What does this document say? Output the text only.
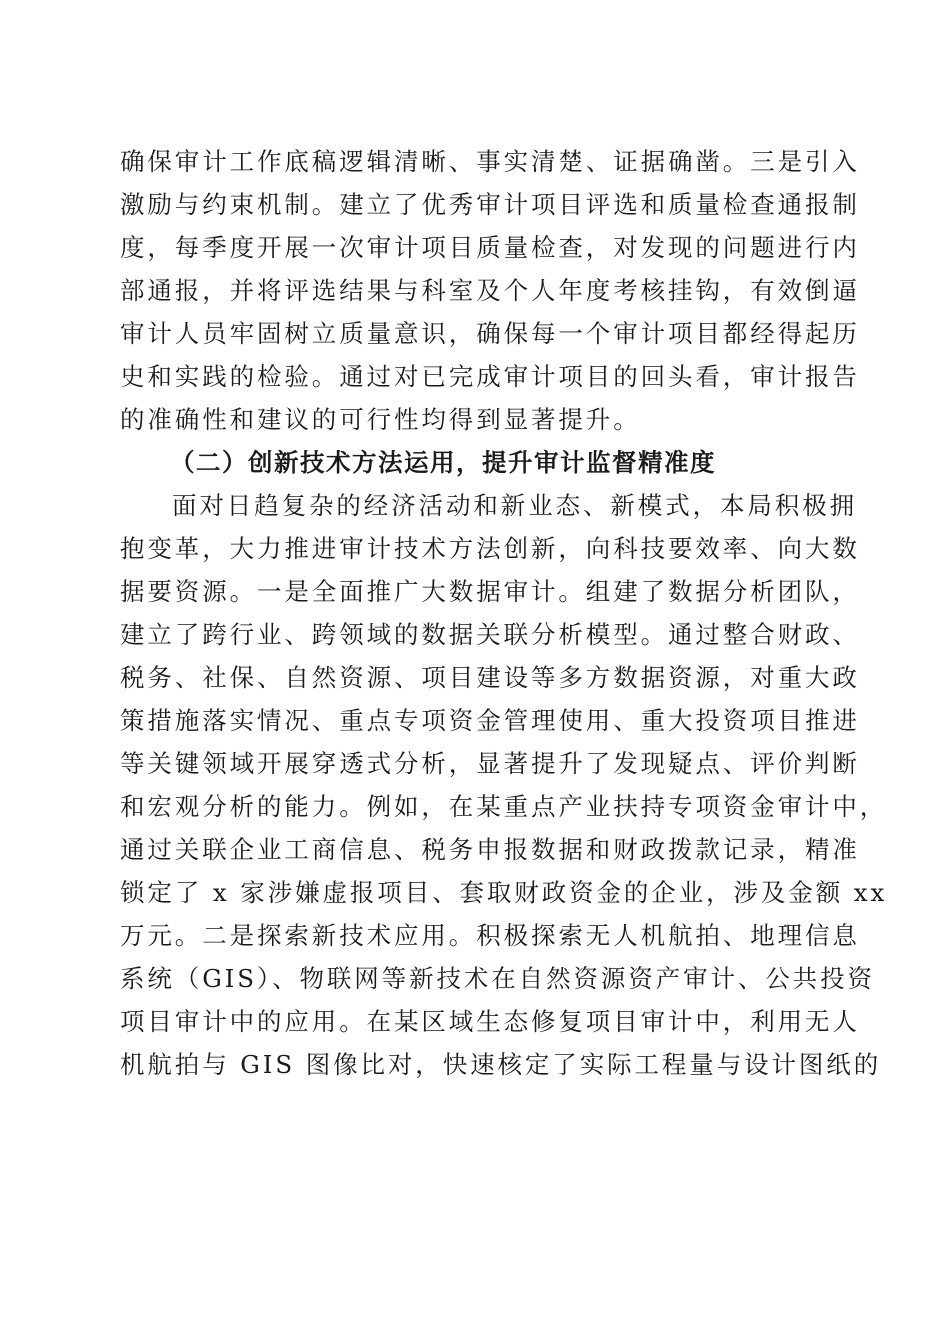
确保审计工作底稿逻辑清晰、事实清楚、证据确凿。三是引入
激励与约束机制。建立了优秀审计项目评选和质量检查通报制
度，每季度开展一次审计项目质量检查，对发现的问题进行内
部通报，并将评选结果与科室及个人年度考核挂钩，有效倒逼
审计人员牢固树立质量意识，确保每一个审计项目都经得起历
史和实践的检验。通过对已完成审计项目的回头看，审计报告
的准确性和建议的可行性均得到显著提升。
（二）创新技术方法运用，提升审计监督精准度
面对日趋复杂的经济活动和新业态、新模式，本局积极拥
抱变革，大力推进审计技术方法创新，向科技要效率、向大数
据要资源。一是全面推广大数据审计。组建了数据分析团队，
建立了跨行业、跨领域的数据关联分析模型。通过整合财政、
税务、社保、自然资源、项目建设等多方数据资源，对重大政
策措施落实情况、重点专项资金管理使用、重大投资项目推进
等关键领域开展穿透式分析，显著提升了发现疑点、评价判断
和宏观分析的能力。例如，在某重点产业扶持专项资金审计中，
通过关联企业工商信息、税务申报数据和财政拨款记录，精准
锁定了 x 家涉嫌虚报项目、套取财政资金的企业，涉及金额 xx
万元。二是探索新技术应用。积极探索无人机航拍、地理信息
系统（GIS）、物联网等新技术在自然资源资产审计、公共投资
项目审计中的应用。在某区域生态修复项目审计中，利用无人
机航拍与 GIS 图像比对，快速核定了实际工程量与设计图纸的
